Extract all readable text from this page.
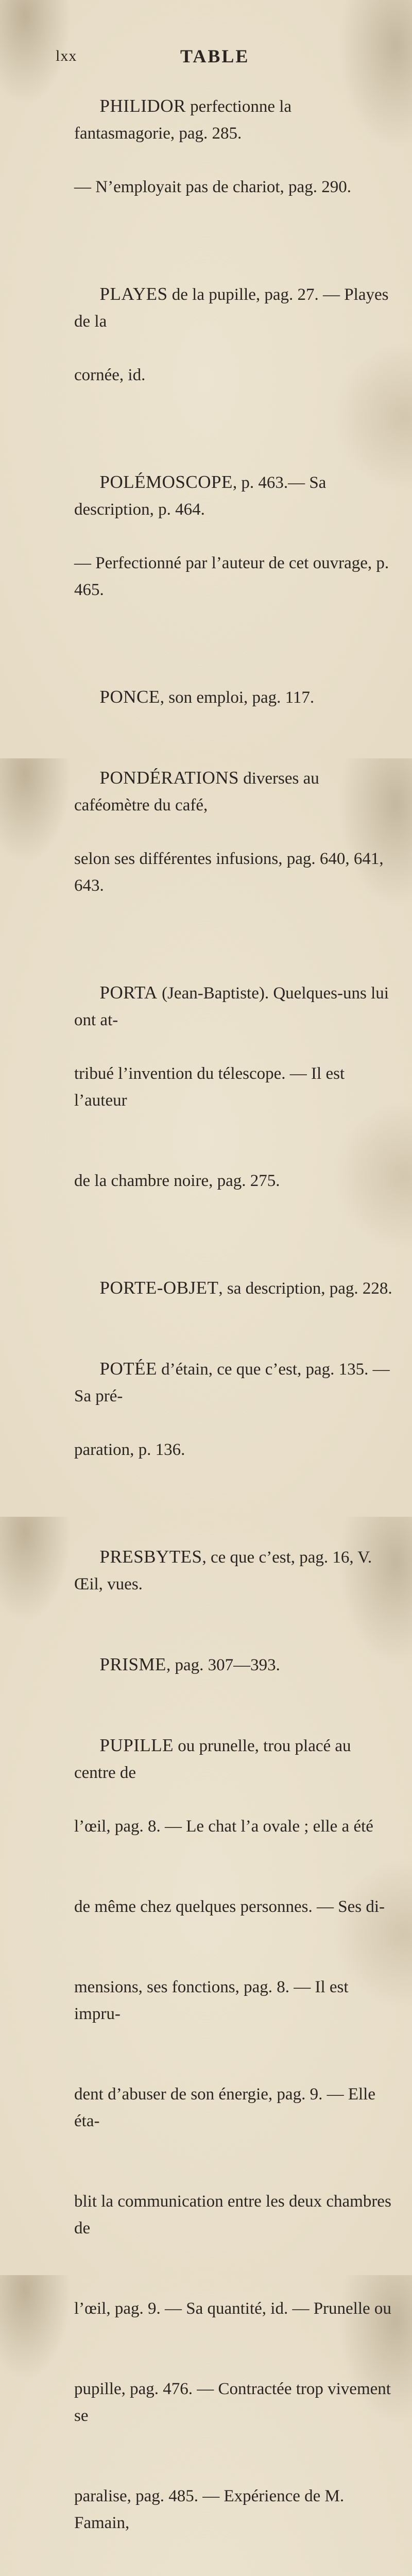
lxx	TABLE

PHILIDOR perfectionne la fantasmagorie, pag. 285.

— N’employait pas de chariot, pag. 290.

PLAYES de la pupille, pag. 27. — Playes de la

cornée, id.

POLÉMOSCOPE, p. 463.— Sa description, p. 464.

— Perfectionné par l’auteur de cet ouvrage, p. 465.

PONCE, son emploi, pag. 117.

PONDÉRATIONS diverses au caféomètre du café,

selon ses différentes infusions, pag. 640, 641, 643.

PORTA (Jean-Baptiste). Quelques-uns lui ont at-

tribué l’invention du télescope. — Il est l’auteur

de la chambre noire, pag. 275.

PORTE-OBJET, sa description, pag. 228.

POTÉE d’étain, ce que c’est, pag. 135. — Sa pré-

paration, p. 136.

PRESBYTES, ce que c’est, pag. 16, V. Œil, vues.

PRISME, pag. 307—393.

PUPILLE ou prunelle, trou placé au centre de

l’œil, pag. 8. — Le chat l’a ovale ; elle a été

de même chez quelques personnes. — Ses di-

mensions, ses fonctions, pag. 8. — Il est impru-

dent d’abuser de son énergie, pag. 9. — Elle éta-

blit la communication entre les deux chambres de

l’œil, pag. 9. — Sa quantité, id. — Prunelle ou

pupille, pag. 476. — Contractée trop vivement se

paralise, pag. 485. — Expérience de M. Famain,
